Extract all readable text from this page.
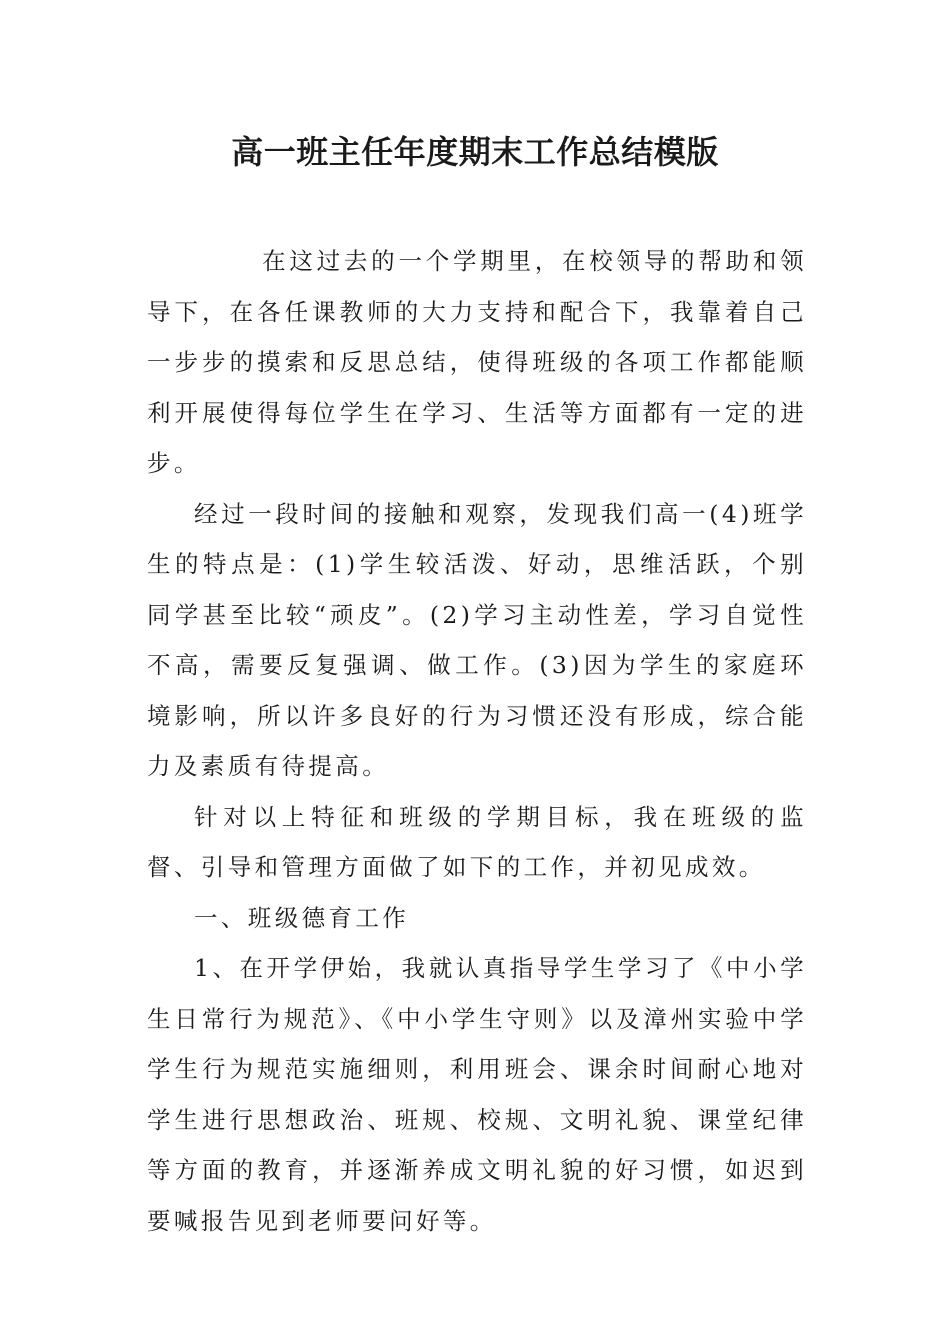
高一班主任年度期末工作总结模版

在这过去的一个学期里，在校领导的帮助和领导下，在各任课教师的大力支持和配合下，我靠着自己一步步的摸索和反思总结，使得班级的各项工作都能顺利开展使得每位学生在学习、生活等方面都有一定的进步。

经过一段时间的接触和观察，发现我们高一(4)班学生的特点是：(1)学生较活泼、好动，思维活跃，个别同学甚至比较“顽皮”。(2)学习主动性差，学习自觉性不高，需要反复强调、做工作。(3)因为学生的家庭环境影响，所以许多良好的行为习惯还没有形成，综合能力及素质有待提高。

针对以上特征和班级的学期目标，我在班级的监督、引导和管理方面做了如下的工作，并初见成效。

一、班级德育工作

1、在开学伊始，我就认真指导学生学习了《中小学生日常行为规范》、《中小学生守则》以及漳州实验中学学生行为规范实施细则，利用班会、课余时间耐心地对学生进行思想政治、班规、校规、文明礼貌、课堂纪律等方面的教育，并逐渐养成文明礼貌的好习惯，如迟到要喊报告见到老师要问好等。
